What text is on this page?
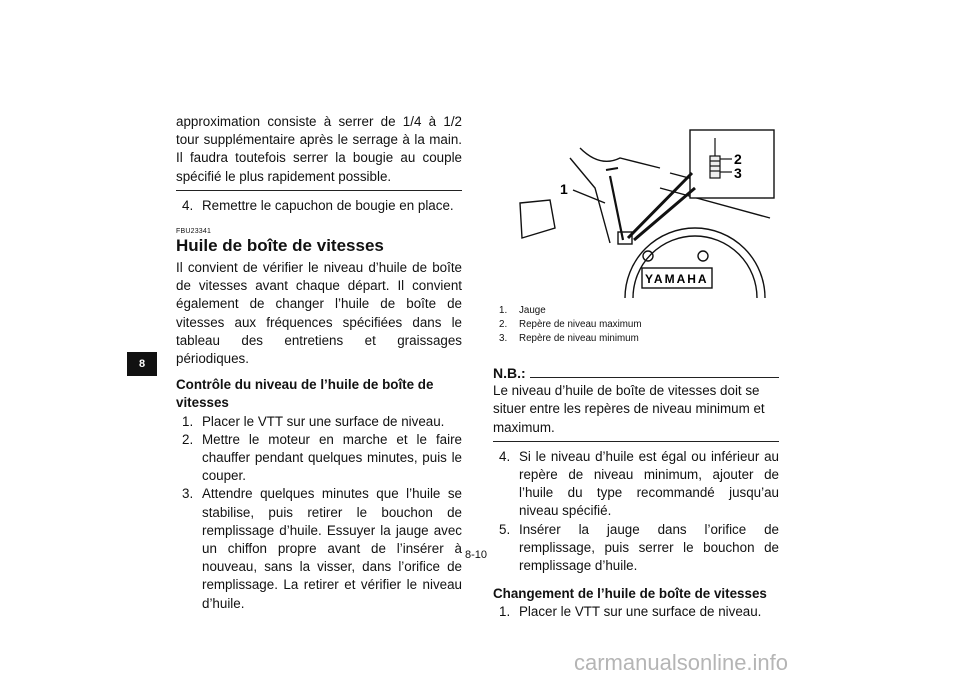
approximation consiste à serrer de 1/4 à 1/2 tour supplémentaire après le serrage à la main. Il faudra toutefois serrer la bougie au couple spécifié le plus rapidement possible.

4. Remettre le capuchon de bougie en place.
FBU23341
Huile de boîte de vitesses

Il convient de vérifier le niveau d’huile de boîte de vitesses avant chaque départ. Il convient également de changer l’huile de boîte de vitesses aux fréquences spécifiées dans le tableau des entretiens et graissages périodiques.

Contrôle du niveau de l’huile de boîte de vitesses

1. Placer le VTT sur une surface de niveau.
2. Mettre le moteur en marche et le faire chauffer pendant quelques minutes, puis le couper.
3. Attendre quelques minutes que l’huile se stabilise, puis retirer le bouchon de remplissage d’huile. Essuyer la jauge avec un chiffon propre avant de l’insérer à nouveau, sans la visser, dans l’orifice de remplissage. La retirer et vérifier le niveau d’huile.
1
2
3
YAMAHA
1. Jauge
2. Repère de niveau maximum
3. Repère de niveau minimum
N.B.:

Le niveau d’huile de boîte de vitesses doit se situer entre les repères de niveau minimum et maximum.

4. Si le niveau d’huile est égal ou inférieur au repère de niveau minimum, ajouter de l’huile du type recommandé jusqu’au niveau spécifié.
5. Insérer la jauge dans l’orifice de remplissage, puis serrer le bouchon de remplissage d’huile.

Changement de l’huile de boîte de vitesses

1. Placer le VTT sur une surface de niveau.
8
8-10
carmanualsonline.info
